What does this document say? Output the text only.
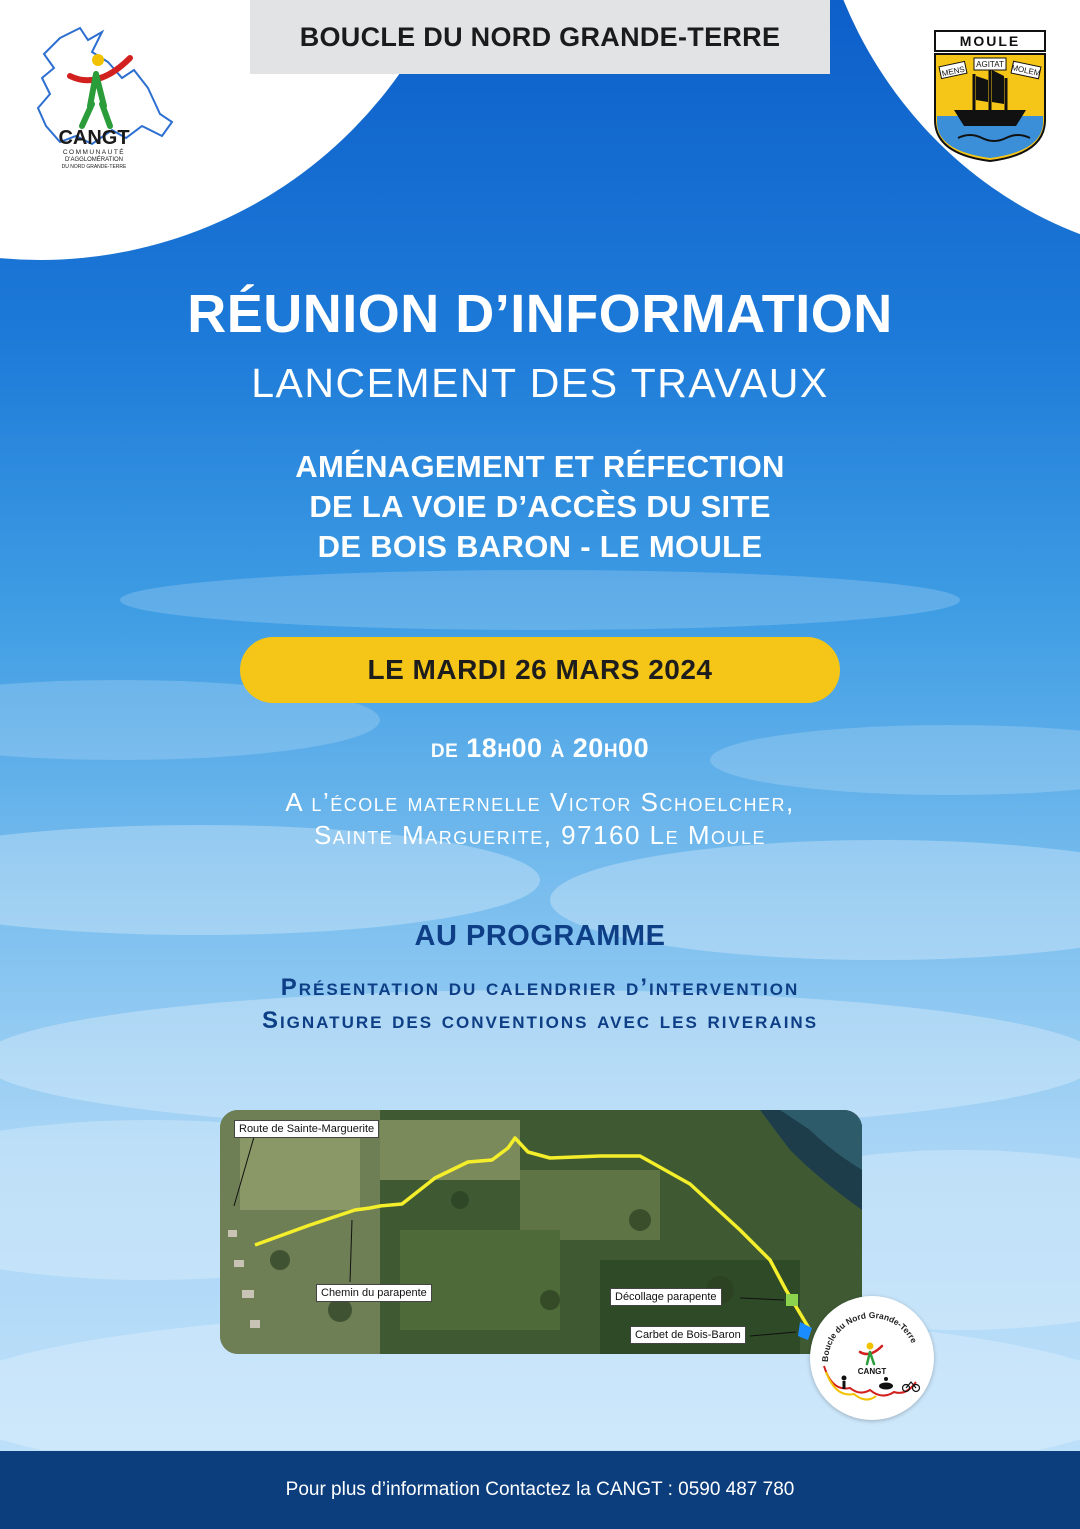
BOUCLE DU NORD GRANDE-TERRE
CANGT
COMMUNAUTÉ
D'AGGLOMÉRATION
DU NORD GRANDE-TERRE
MOULE
MENS
AGITAT MOLEM
RÉUNION D’INFORMATION
LANCEMENT DES TRAVAUX
AMÉNAGEMENT ET RÉFECTION
DE LA VOIE D’ACCÈS DU SITE
DE BOIS BARON - LE MOULE
LE MARDI 26 MARS 2024
de 18h00 à 20h00
A l’école maternelle Victor Schoelcher,
Sainte Marguerite, 97160 Le Moule
AU PROGRAMME
Présentation du calendrier d’intervention
Signature des conventions avec les riverains
Route de Sainte-Marguerite
Chemin du parapente	Décollage parapente
Carbet de Bois-Baron
Boucle du Nord Grande-Terre
CANGT
Pour plus d’information Contactez la CANGT : 0590 487 780
